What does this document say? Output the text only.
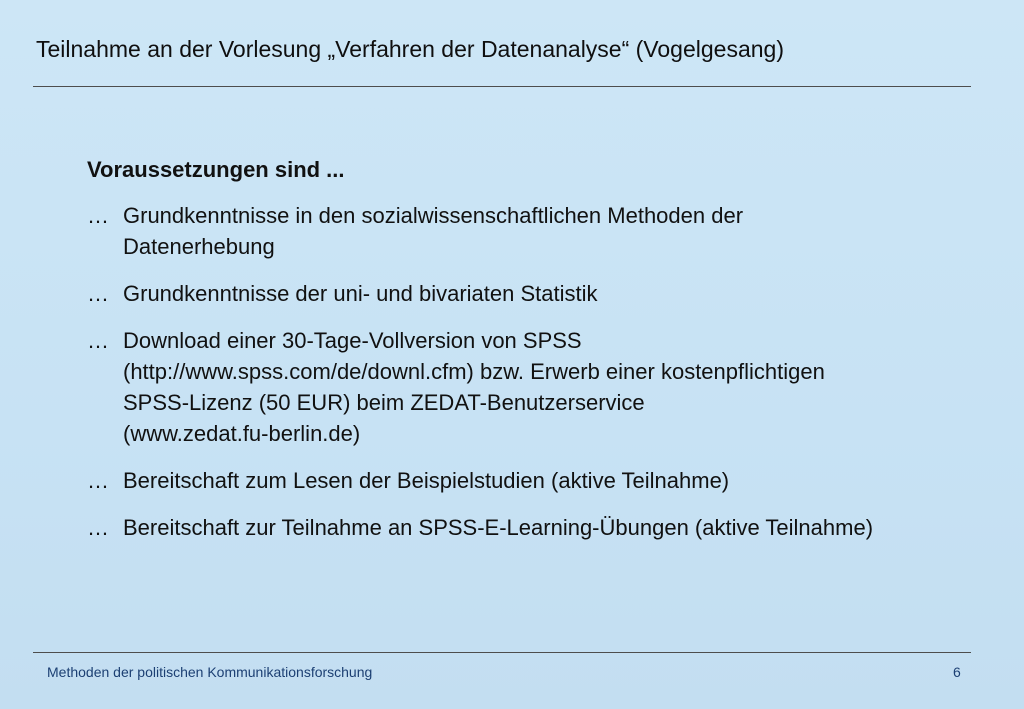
Teilnahme an der Vorlesung „Verfahren der Datenanalyse“ (Vogelgesang)
Voraussetzungen sind ...
… Grundkenntnisse in den sozialwissenschaftlichen Methoden der
Datenerhebung
… Grundkenntnisse der uni- und bivariaten Statistik
… Download einer 30-Tage-Vollversion von SPSS
(http://www.spss.com/de/downl.cfm) bzw. Erwerb einer kostenpflichtigen
SPSS-Lizenz (50 EUR) beim ZEDAT-Benutzerservice
(www.zedat.fu-berlin.de)
… Bereitschaft zum Lesen der Beispielstudien (aktive Teilnahme)
… Bereitschaft zur Teilnahme an SPSS-E-Learning-Übungen (aktive Teilnahme)
Methoden der politischen Kommunikationsforschung	6
